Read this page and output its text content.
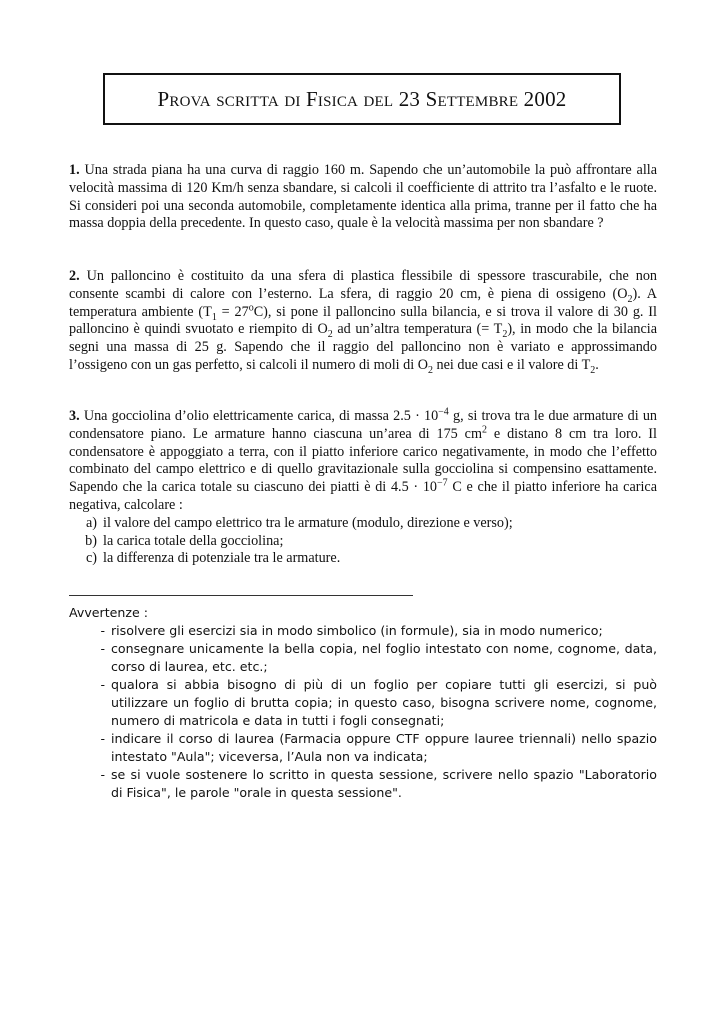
Prova scritta di Fisica del 23 Settembre 2002
1. Una strada piana ha una curva di raggio 160 m. Sapendo che un’automobile la può affrontare alla velocità massima di 120 Km/h senza sbandare, si calcoli il coefficiente di attrito tra l’asfalto e le ruote. Si consideri poi una seconda automobile, completamente identica alla prima, tranne per il fatto che ha massa doppia della precedente. In questo caso, quale è la velocità massima per non sbandare ?
2. Un palloncino è costituito da una sfera di plastica flessibile di spessore trascurabile, che non consente scambi di calore con l’esterno. La sfera, di raggio 20 cm, è piena di ossigeno $(O_2)$. A temperatura ambiente $(T_1 = 27^oC)$, si pone il palloncino sulla bilancia, e si trova il valore di 30 g. Il palloncino è quindi svuotato e riempito di $O_2$ ad un’altra temperatura (= $T_2$), in modo che la bilancia segni una massa di 25 g. Sapendo che il raggio del palloncino non è variato e approssimando l’ossigeno con un gas perfetto, si calcoli il numero di moli di $O_2$ nei due casi e il valore di $T_2$.
3. Una gocciolina d’olio elettricamente carica, di massa $2.5 \cdot 10^{-4}$ g, si trova tra le due armature di un condensatore piano. Le armature hanno ciascuna un’area di 175 $cm^2$ e distano 8 cm tra loro. Il condensatore è appoggiato a terra, con il piatto inferiore carico negativamente, in modo che l’effetto combinato del campo elettrico e di quello gravitazionale sulla gocciolina si compensino esattamente. Sapendo che la carica totale su ciascuno dei piatti è di $4.5 \cdot 10^{-7}$ C e che il piatto inferiore ha carica negativa, calcolare :
a) il valore del campo elettrico tra le armature (modulo, direzione e verso);
b) la carica totale della gocciolina;
c) la differenza di potenziale tra le armature.
Avvertenze :
- risolvere gli esercizi sia in modo simbolico (in formule), sia in modo numerico;
- consegnare unicamente la bella copia, nel foglio intestato con nome, cognome, data, corso di laurea, etc. etc.;
- qualora si abbia bisogno di più di un foglio per copiare tutti gli esercizi, si può utilizzare un foglio di brutta copia; in questo caso, bisogna scrivere nome, cognome, numero di matricola e data in tutti i fogli consegnati;
- indicare il corso di laurea (Farmacia oppure CTF oppure lauree triennali) nello spazio intestato "Aula"; viceversa, l’Aula non va indicata;
- se si vuole sostenere lo scritto in questa sessione, scrivere nello spazio "Laboratorio di Fisica", le parole "orale in questa sessione".
